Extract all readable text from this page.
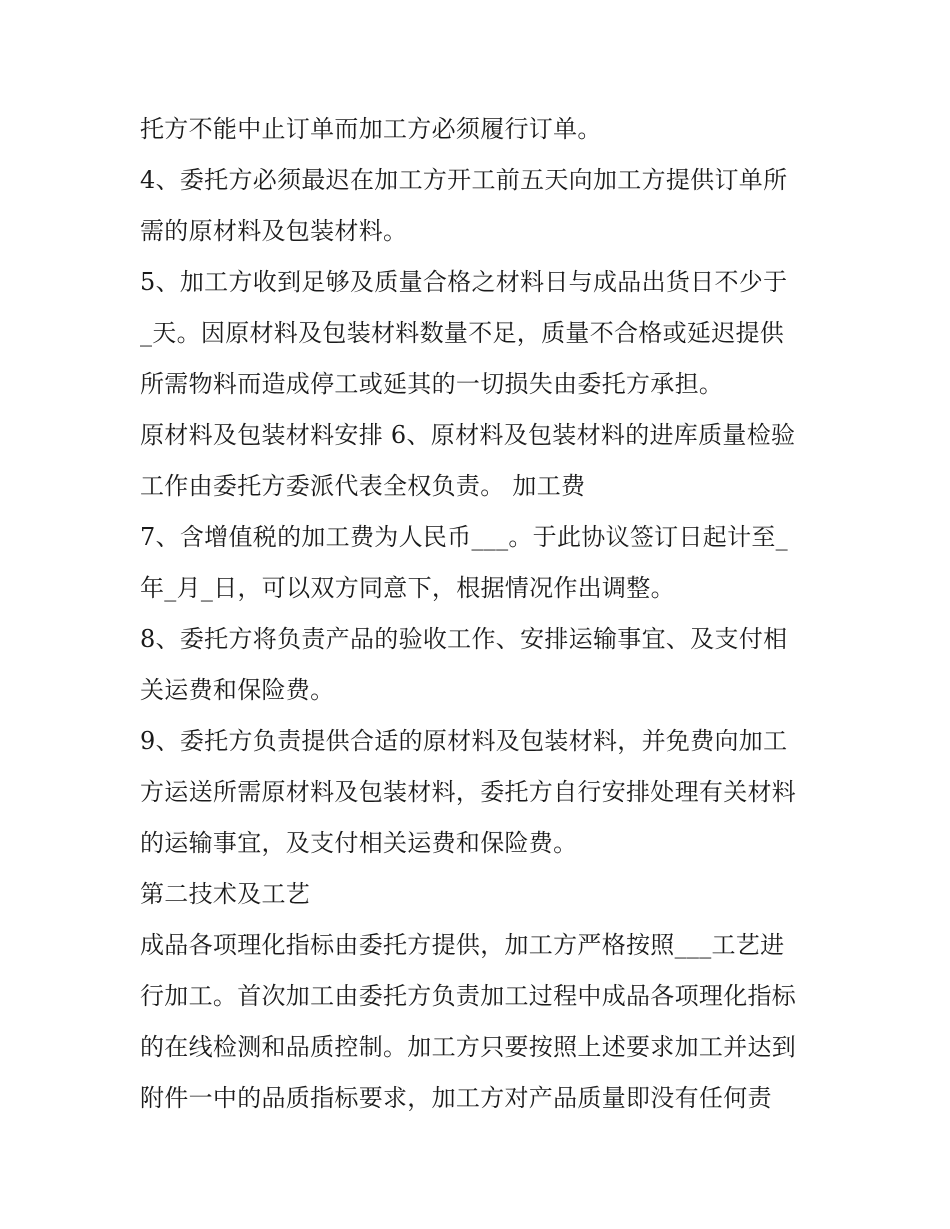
托方不能中止订单而加工方必须履行订单。
4、委托方必须最迟在加工方开工前五天向加工方提供订单所
需的原材料及包装材料。
5、加工方收到足够及质量合格之材料日与成品出货日不少于
_天。因原材料及包装材料数量不足，质量不合格或延迟提供
所需物料而造成停工或延其的一切损失由委托方承担。
原材料及包装材料安排 6、原材料及包装材料的进库质量检验
工作由委托方委派代表全权负责。 加工费
7、含增值税的加工费为人民币___。于此协议签订日起计至_
年_月_日，可以双方同意下，根据情况作出调整。
8、委托方将负责产品的验收工作、安排运输事宜、及支付相
关运费和保险费。
9、委托方负责提供合适的原材料及包装材料，并免费向加工
方运送所需原材料及包装材料，委托方自行安排处理有关材料
的运输事宜，及支付相关运费和保险费。
第二技术及工艺
成品各项理化指标由委托方提供，加工方严格按照___工艺进
行加工。首次加工由委托方负责加工过程中成品各项理化指标
的在线检测和品质控制。加工方只要按照上述要求加工并达到
附件一中的品质指标要求，加工方对产品质量即没有任何责
